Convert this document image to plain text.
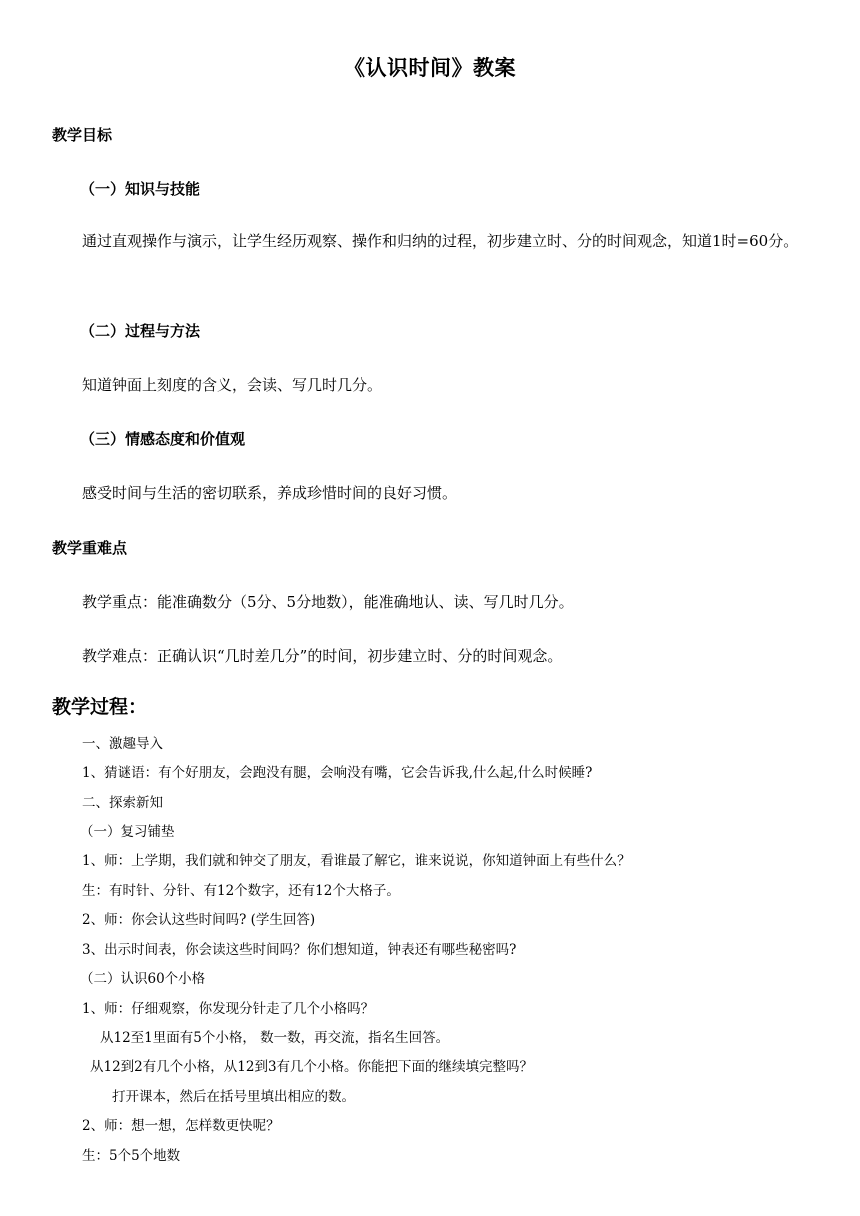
《认识时间》教案
教学目标
（一）知识与技能
通过直观操作与演示，让学生经历观察、操作和归纳的过程，初步建立时、分的时间观念，知道1时=60分。
（二）过程与方法
知道钟面上刻度的含义，会读、写几时几分。
（三）情感态度和价值观
感受时间与生活的密切联系，养成珍惜时间的良好习惯。
教学重难点
教学重点：能准确数分（5分、5分地数），能准确地认、读、写几时几分。
教学难点：正确认识“几时差几分”的时间，初步建立时、分的时间观念。
教学过程：
一、激趣导入
1、猜谜语：有个好朋友，会跑没有腿，会响没有嘴，它会告诉我,什么起,什么时候睡?
二、探索新知
（一）复习铺垫
1、师：上学期，我们就和钟交了朋友，看谁最了解它，谁来说说，你知道钟面上有些什么？
生：有时针、分针、有12个数字，还有12个大格子。
2、师：你会认这些时间吗? (学生回答)
3、出示时间表，你会读这些时间吗？你们想知道，钟表还有哪些秘密吗?
（二）认识60个小格
1、师：仔细观察，你发现分针走了几个小格吗？
从12至1里面有5个小格， 数一数，再交流，指名生回答。
从12到2有几个小格，从12到3有几个小格。你能把下面的继续填完整吗？
打开课本，然后在括号里填出相应的数。
2、师：想一想，怎样数更快呢？
生：5个5个地数
